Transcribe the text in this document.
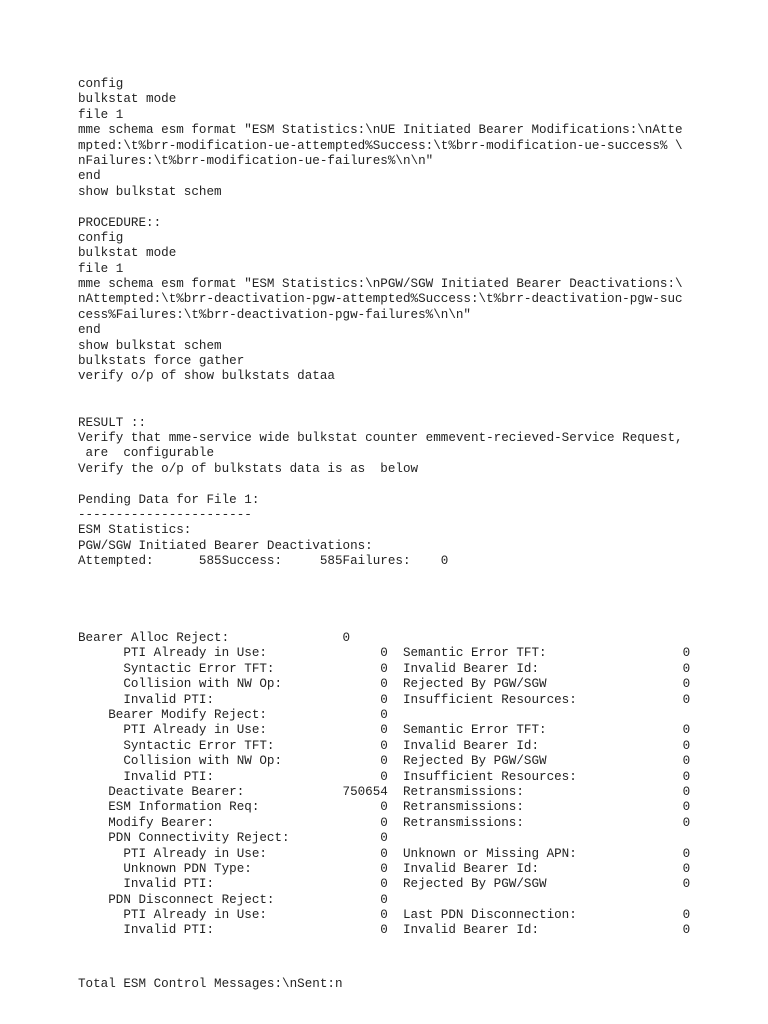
config
bulkstat mode
file 1
mme schema esm format "ESM Statistics:\nUE Initiated Bearer Modifications:\nAtte
mpted:\t%brr-modification-ue-attempted%Success:\t%brr-modification-ue-success% \
nFailures:\t%brr-modification-ue-failures%\n\n"
end
show bulkstat schem
PROCEDURE::
config
bulkstat mode
file 1
mme schema esm format "ESM Statistics:\nPGW/SGW Initiated Bearer Deactivations:\
nAttempted:\t%brr-deactivation-pgw-attempted%Success:\t%brr-deactivation-pgw-suc
cess%Failures:\t%brr-deactivation-pgw-failures%\n\n"
end
show bulkstat schem
bulkstats force gather
verify o/p of show bulkstats dataa
RESULT ::
Verify that mme-service wide bulkstat counter emmevent-recieved-Service Request,
are  configurable
Verify the o/p of bulkstats data is as  below
Pending Data for File 1:
-----------------------
ESM Statistics:
PGW/SGW Initiated Bearer Deactivations:
Attempted:      585Success:     585Failures:    0
Bearer Alloc Reject:               0
PTI Already in Use:               0  Semantic Error TFT:                  0
Syntactic Error TFT:              0  Invalid Bearer Id:                   0
Collision with NW Op:             0  Rejected By PGW/SGW                  0
Invalid PTI:                      0  Insufficient Resources:              0
Bearer Modify Reject:               0
PTI Already in Use:               0  Semantic Error TFT:                  0
Syntactic Error TFT:              0  Invalid Bearer Id:                   0
Collision with NW Op:             0  Rejected By PGW/SGW                  0
Invalid PTI:                      0  Insufficient Resources:              0
Deactivate Bearer:             750654  Retransmissions:                     0
ESM Information Req:                0  Retransmissions:                     0
Modify Bearer:                      0  Retransmissions:                     0
PDN Connectivity Reject:            0
PTI Already in Use:               0  Unknown or Missing APN:              0
Unknown PDN Type:                 0  Invalid Bearer Id:                   0
Invalid PTI:                      0  Rejected By PGW/SGW                  0
PDN Disconnect Reject:              0
PTI Already in Use:               0  Last PDN Disconnection:              0
Invalid PTI:                      0  Invalid Bearer Id:                   0
Total ESM Control Messages:\nSent:n
